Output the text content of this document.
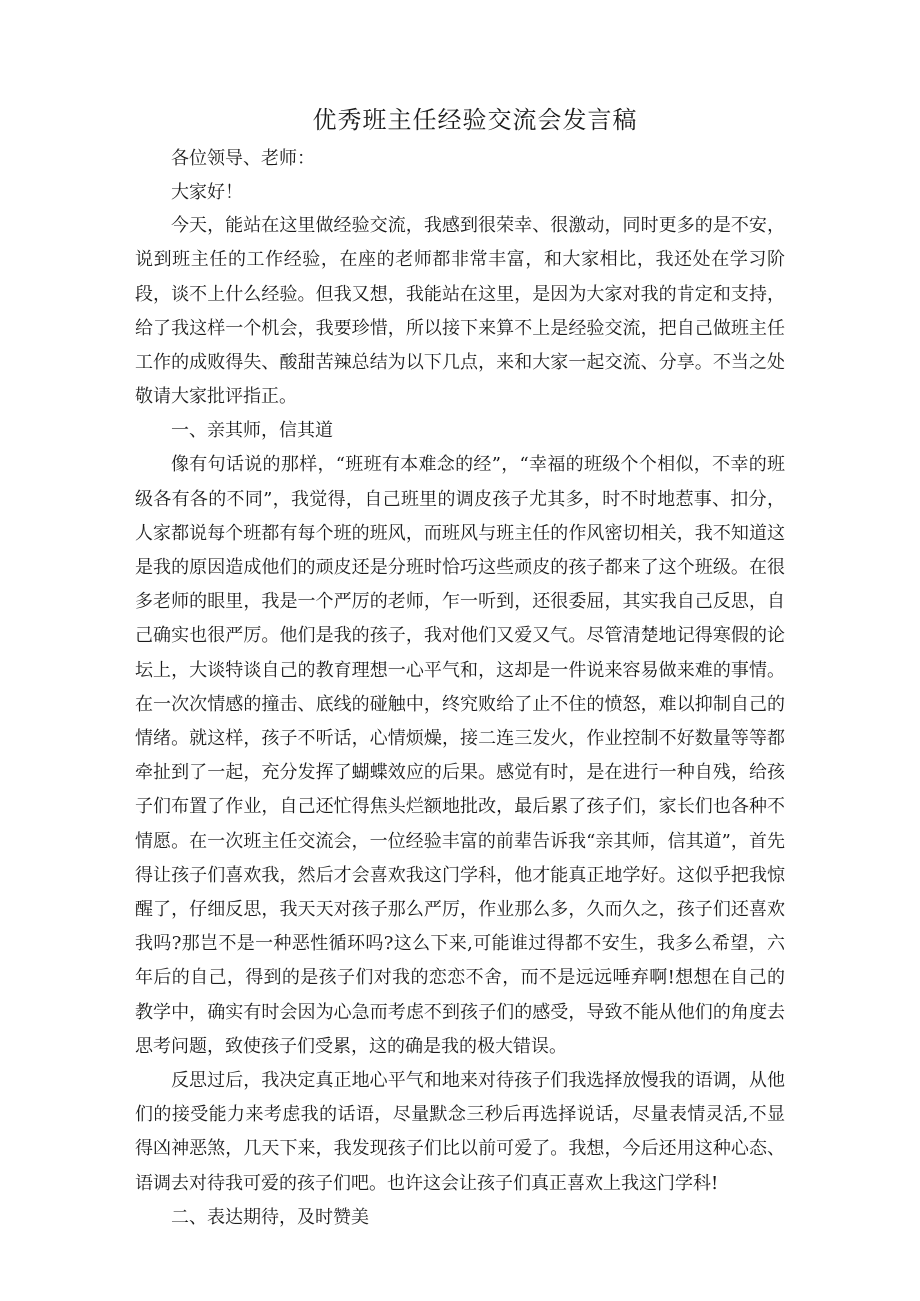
优秀班主任经验交流会发言稿

各位领导、老师：

大家好！

今天，能站在这里做经验交流，我感到很荣幸、很激动，同时更多的是不安，说到班主任的工作经验，在座的老师都非常丰富，和大家相比，我还处在学习阶段，谈不上什么经验。但我又想，我能站在这里，是因为大家对我的肯定和支持，给了我这样一个机会，我要珍惜，所以接下来算不上是经验交流，把自己做班主任工作的成败得失、酸甜苦辣总结为以下几点，来和大家一起交流、分享。不当之处敬请大家批评指正。

一、亲其师，信其道

像有句话说的那样，“班班有本难念的经”，“幸福的班级个个相似，不幸的班级各有各的不同”，我觉得，自己班里的调皮孩子尤其多，时不时地惹事、扣分，人家都说每个班都有每个班的班风，而班风与班主任的作风密切相关，我不知道这是我的原因造成他们的顽皮还是分班时恰巧这些顽皮的孩子都来了这个班级。在很多老师的眼里，我是一个严厉的老师，乍一听到，还很委屈，其实我自己反思，自己确实也很严厉。他们是我的孩子，我对他们又爱又气。尽管清楚地记得寒假的论坛上，大谈特谈自己的教育理想一心平气和，这却是一件说来容易做来难的事情。在一次次情感的撞击、底线的碰触中，终究败给了止不住的愤怒，难以抑制自己的情绪。就这样，孩子不听话，心情烦燥，接二连三发火，作业控制不好数量等等都牵扯到了一起，充分发挥了蝴蝶效应的后果。感觉有时，是在进行一种自残，给孩子们布置了作业，自己还忙得焦头烂额地批改，最后累了孩子们，家长们也各种不情愿。在一次班主任交流会，一位经验丰富的前辈告诉我“亲其师，信其道”，首先得让孩子们喜欢我，然后才会喜欢我这门学科，他才能真正地学好。这似乎把我惊醒了，仔细反思，我天天对孩子那么严厉，作业那么多，久而久之，孩子们还喜欢我吗?那岂不是一种恶性循环吗?这么下来,可能谁过得都不安生，我多么希望，六年后的自己，得到的是孩子们对我的恋恋不舍，而不是远远唾弃啊!想想在自己的教学中，确实有时会因为心急而考虑不到孩子们的感受，导致不能从他们的角度去思考问题，致使孩子们受累，这的确是我的极大错误。

反思过后，我决定真正地心平气和地来对待孩子们我选择放慢我的语调，从他们的接受能力来考虑我的话语，尽量默念三秒后再选择说话，尽量表情灵活,不显得凶神恶煞，几天下来，我发现孩子们比以前可爱了。我想，今后还用这种心态、语调去对待我可爱的孩子们吧。也许这会让孩子们真正喜欢上我这门学科!

二、表达期待，及时赞美
